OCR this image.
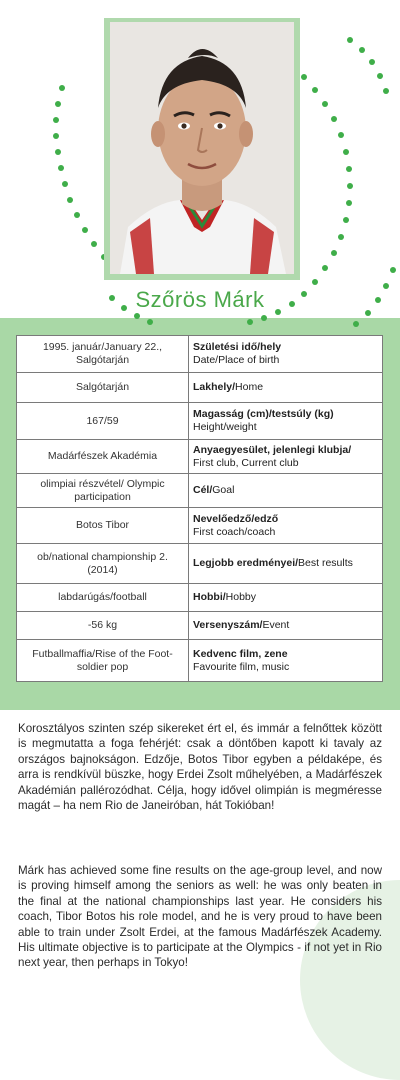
Szőrös Márk
1995. január/January 22., Salgótarján	Születési idő/hely
Date/Place of birth
Salgótarján	Lakhely/Home
167/59	Magasság (cm)/testsúly (kg)
Height/weight
Madárfészek Akadémia	Anyaegyesület, jelenlegi klubja/
First club, Current club
olimpiai részvétel/ Olympic participation	Cél/Goal
Botos Tibor	Nevelőedző/edző
First coach/coach
ob/national championship 2. (2014)	Legjobb eredményei/Best results
labdarúgás/football	Hobbi/Hobby
-56 kg	Versenyszám/Event
Futballmaffia/Rise of the Foot- soldier pop	Kedvenc film, zene
Favourite film, music
Korosztályos szinten szép sikereket ért el, és immár a felnőttek között is megmutatta a foga fehérjét: csak a döntőben kapott ki tavaly az országos bajnokságon. Edzője, Botos Tibor egyben a példaképe, és arra is rendkívül büszke, hogy Erdei Zsolt műhelyében, a Madárfészek Akadémián pallérozódhat. Célja, hogy idővel olimpián is megméresse magát – ha nem Rio de Janeiróban, hát Tokióban!
Márk has achieved some fine results on the age-group level, and now is proving himself among the seniors as well: he was only beaten in the final at the national championships last year. He considers his coach, Tibor Botos his role model, and he is very proud to have been able to train under Zsolt Erdei, at the famous Madárfészek Academy. His ultimate objective is to participate at the Olympics - if not yet in Rio next year, then perhaps in Tokyo!
